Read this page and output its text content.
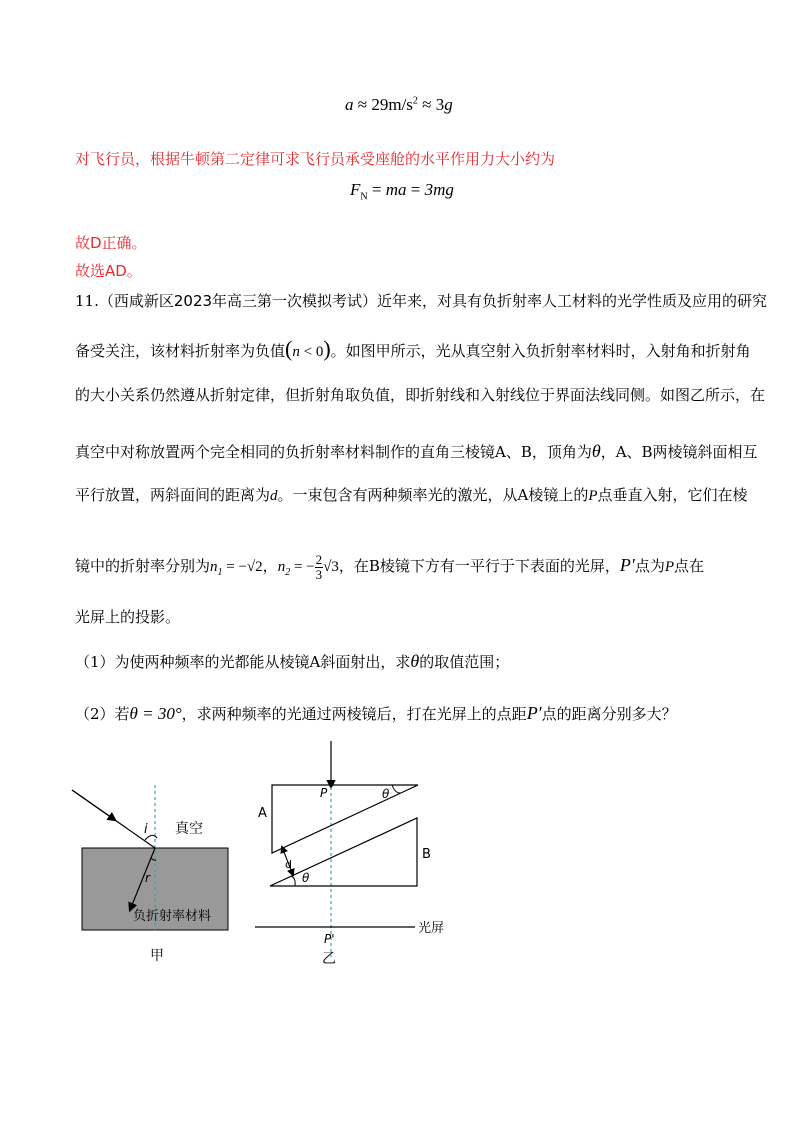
$a \approx 29m/s^2 \approx 3g$
对飞行员，根据牛顿第二定律可求飞行员承受座舱的水平作用力大小约为
$F_N$ = ma = 3mg
故D正确。
故选AD。
11.（西咸新区2023年高三第一次模拟考试）近年来，对具有负折射率人工材料的光学性质及应用的研究
备受关注，该材料折射率为负值(n < 0)。如图甲所示，光从真空射入负折射率材料时，入射角和折射角
的大小关系仍然遵从折射定律，但折射角取负值，即折射线和入射线位于界面法线同侧。如图乙所示，在
真空中对称放置两个完全相同的负折射率材料制作的直角三棱镜A、B，顶角为θ，A、B两棱镜斜面相互
平行放置，两斜面间的距离为d。一束包含有两种频率光的激光，从A棱镜上的P点垂直入射，它们在棱
镜中的折射率分别为$n_1 = -√2$，$n_2$ = − $\frac{2}{3} √3$，在B棱镜下方有一平行于下表面的光屏，P′点为P点在
光屏上的投影。
（1）为使两种频率的光都能从棱镜A斜面射出，求θ的取值范围；
（2）若θ = 30°，求两种频率的光通过两棱镜后，打在光屏上的点距P′点的距离分别多大？
i
r
真空
负折射率材料
甲
P	θ
A
B
d
θ
光屏
P'
乙
